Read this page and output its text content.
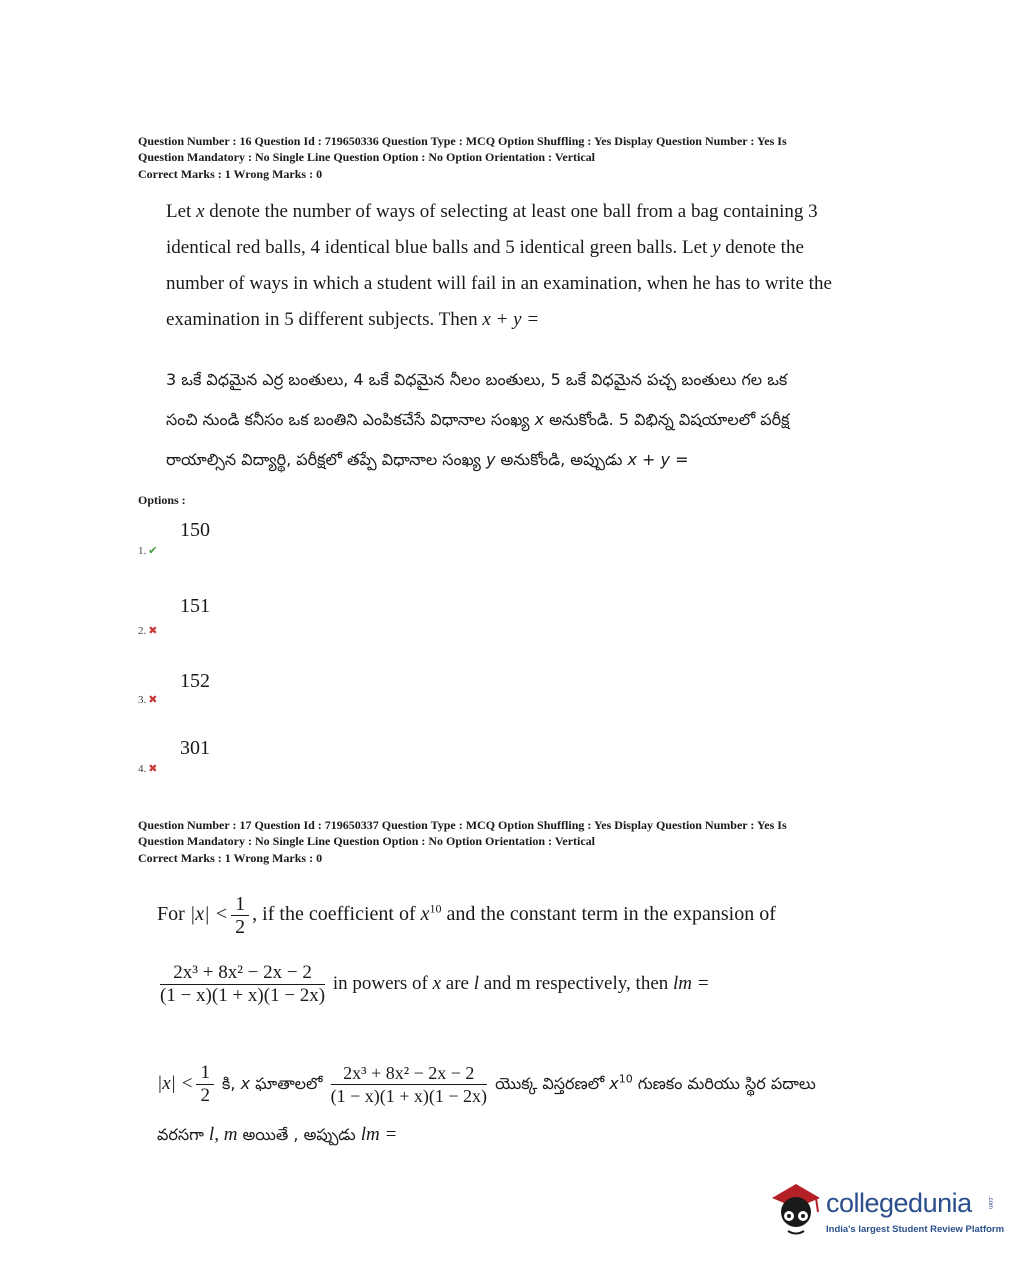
Question Number : 16 Question Id : 719650336 Question Type : MCQ Option Shuffling : Yes Display Question Number : Yes Is
Question Mandatory : No Single Line Question Option : No Option Orientation : Vertical
Correct Marks : 1 Wrong Marks : 0
Let x denote the number of ways of selecting at least one ball from a bag containing 3
identical red balls, 4 identical blue balls and 5 identical green balls. Let y denote the
number of ways in which a student will fail in an examination, when he has to write the
examination in 5 different subjects. Then x + y =
3 ఒకే విధమైన ఎర్ర బంతులు, 4 ఒకే విధమైన నీలం బంతులు, 5 ఒకే విధమైన పచ్చ బంతులు గల ఒక
సంచి నుండి కనీసం ఒక బంతిని ఎంపికచేసే విధానాల సంఖ్య x అనుకోండి. 5 విభిన్న విషయాలలో పరీక్ష
రాయాల్సిన విద్యార్థి, పరీక్షలో తప్పే విధానాల సంఖ్య y అనుకోండి, అప్పుడు x + y =
Options :
150
1. ✔
151
2. ✖
152
3. ✖
301
4. ✖
Question Number : 17 Question Id : 719650337 Question Type : MCQ Option Shuffling : Yes Display Question Number : Yes Is
Question Mandatory : No Single Line Question Option : No Option Orientation : Vertical
Correct Marks : 1 Wrong Marks : 0
For $|x| < \frac{1}{2}$ , if the coefficient of $x^{10}$ and the constant term in the expansion of
$\frac{\text{2x³ + 8x² − 2x − 2}}{(1 - x)(1 + x)(1 - 2x)}$ in powers of x are l and m respectively, then lm =
$|x| < \frac{1}{2}$ కి, x ఘాతాలలో $\frac{\text{2x³ + 8x² − 2x − 2}}{(1 - x)(1 + x)(1 - 2x)}$ యొక్క విస్తరణలో $x^{10}$ గుణకం మరియు స్థిర పదాలు
వరసగా l, m అయితే , అప్పుడు lm =
collegedunia	.com
India's largest Student Review Platform
